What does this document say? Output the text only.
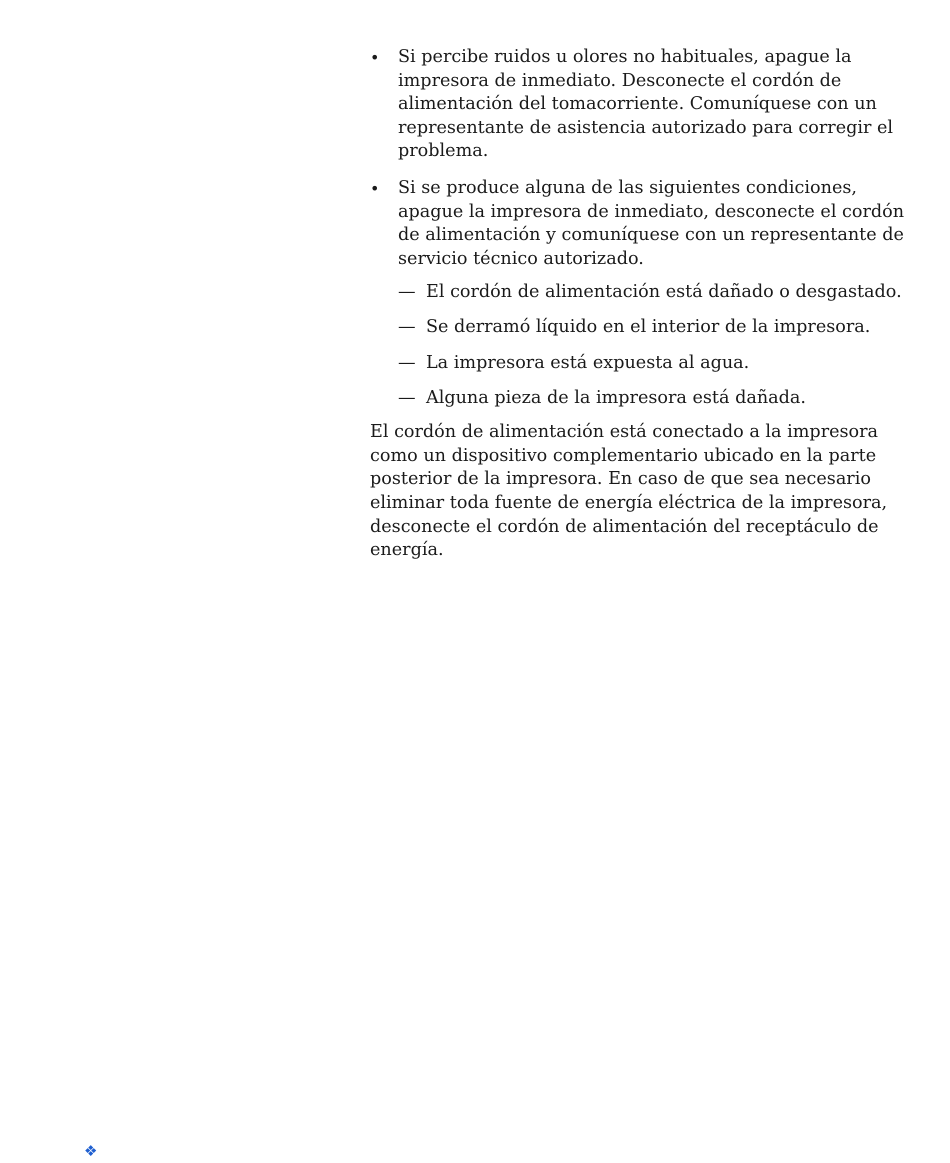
• Si percibe ruidos u olores no habituales, apague la impresora de inmediato. Desconecte el cordón de alimentación del tomacorriente. Comuníquese con un representante de asistencia autorizado para corregir el problema.
• Si se produce alguna de las siguientes condiciones, apague la impresora de inmediato, desconecte el cordón de alimentación y comuníquese con un representante de servicio técnico autorizado.
— El cordón de alimentación está dañado o desgastado.
— Se derramó líquido en el interior de la impresora.
— La impresora está expuesta al agua.
— Alguna pieza de la impresora está dañada.

El cordón de alimentación está conectado a la impresora como un dispositivo complementario ubicado en la parte posterior de la impresora. En caso de que sea necesario eliminar toda fuente de energía eléctrica de la impresora, desconecte el cordón de alimentación del receptáculo de energía.

❖
